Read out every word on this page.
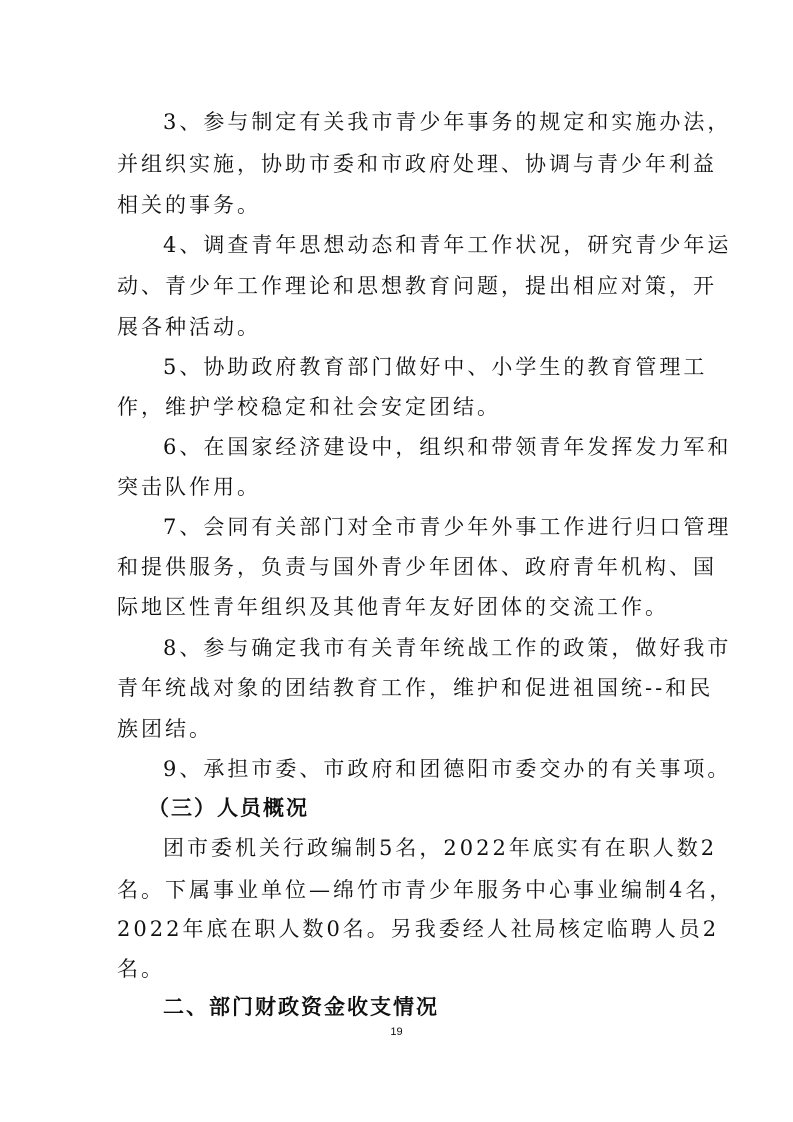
3、参与制定有关我市青少年事务的规定和实施办法，
并组织实施，协助市委和市政府处理、协调与青少年利益
相关的事务。
4、调查青年思想动态和青年工作状况，研究青少年运
动、青少年工作理论和思想教育问题，提出相应对策，开
展各种活动。
5、协助政府教育部门做好中、小学生的教育管理工
作，维护学校稳定和社会安定团结。
6、在国家经济建设中，组织和带领青年发挥发力军和
突击队作用。
7、会同有关部门对全市青少年外事工作进行归口管理
和提供服务，负责与国外青少年团体、政府青年机构、国
际地区性青年组织及其他青年友好团体的交流工作。
8、参与确定我市有关青年统战工作的政策，做好我市
青年统战对象的团结教育工作，维护和促进祖国统--和民
族团结。
9、承担市委、市政府和团德阳市委交办的有关事项。
（三）人员概况
团市委机关行政编制5名，2022年底实有在职人数2
名。下属事业单位—绵竹市青少年服务中心事业编制4名，
2022年底在职人数0名。另我委经人社局核定临聘人员2
名。
二、部门财政资金收支情况
19
